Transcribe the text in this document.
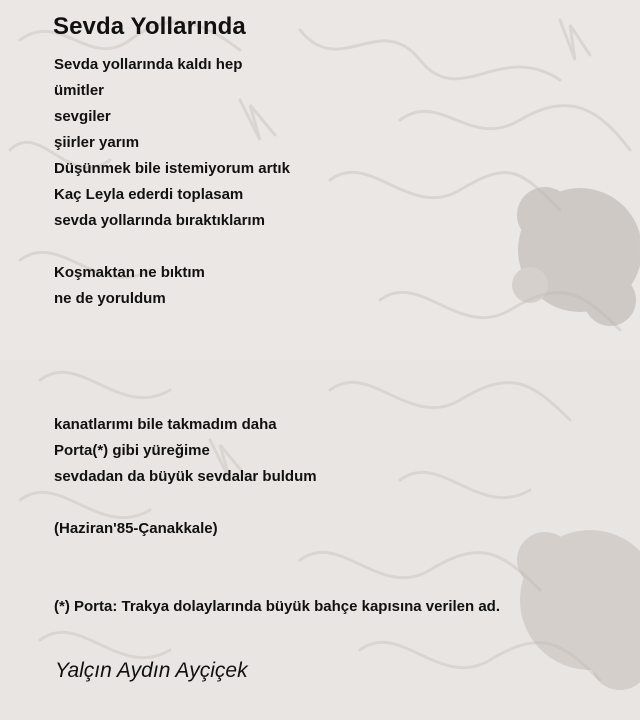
Sevda Yollarında

Sevda yollarında kaldı hep

ümitler

sevgiler

şiirler yarım

Düşünmek bile istemiyorum artık

Kaç Leyla ederdi toplasam

sevda yollarında bıraktıklarım

Koşmaktan ne bıktım

ne de yoruldum

kanatlarımı bile takmadım daha

Porta(*) gibi yüreğime

sevdadan da büyük sevdalar buldum

(Haziran'85-Çanakkale)

(*) Porta: Trakya dolaylarında büyük bahçe kapısına verilen ad.

Yalçın Aydın Ayçiçek
